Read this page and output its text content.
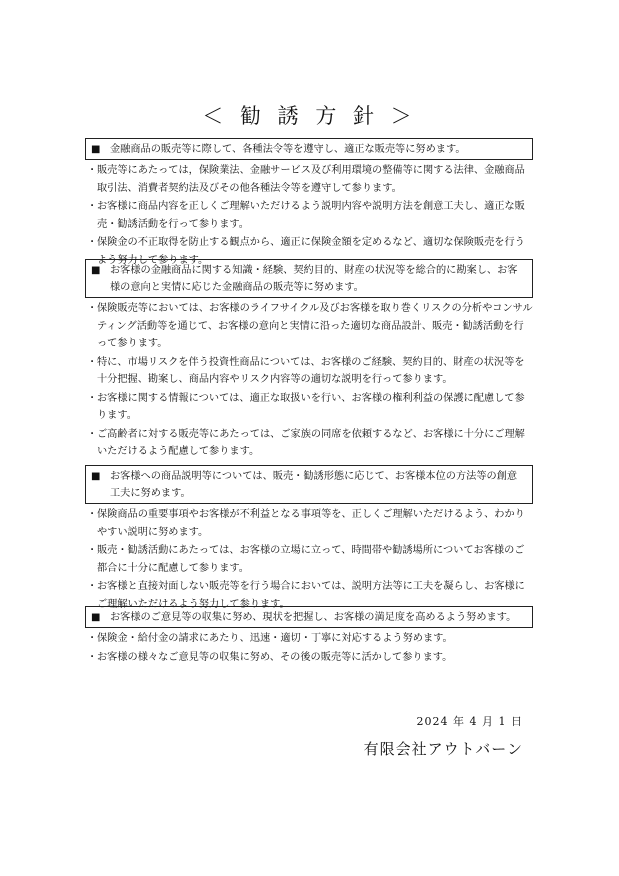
＜ 勧 誘 方 針 ＞
■ 金融商品の販売等に際して、各種法令等を遵守し、適正な販売等に努めます。
・ 販売等にあたっては，保険業法、金融サービス及び利用環境の整備等に関する法律、金融商品取引法、消費者契約法及びその他各種法令等を遵守して参ります。
・ お客様に商品内容を正しくご理解いただけるよう説明内容や説明方法を創意工夫し、適正な販売・勧誘活動を行って参ります。
・ 保険金の不正取得を防止する観点から、適正に保険金額を定めるなど、適切な保険販売を行うよう努力して参ります。
■ お客様の金融商品に関する知識・経験、契約目的、財産の状況等を総合的に勘案し、お客様の意向と実情に応じた金融商品の販売等に努めます。
・ 保険販売等においては、お客様のライフサイクル及びお客様を取り巻くリスクの分析やコンサルティング活動等を通じて、お客様の意向と実情に沿った適切な商品設計、販売・勧誘活動を行って参ります。
・ 特に、市場リスクを伴う投資性商品については、お客様のご経験、契約目的、財産の状況等を十分把握、勘案し、商品内容やリスク内容等の適切な説明を行って参ります。
・ お客様に関する情報については、適正な取扱いを行い、お客様の権利利益の保護に配慮して参ります。
・ ご高齢者に対する販売等にあたっては、ご家族の同席を依頼するなど、お客様に十分にご理解いただけるよう配慮して参ります。
■ お客様への商品説明等については、販売・勧誘形態に応じて、お客様本位の方法等の創意工夫に努めます。
・ 保険商品の重要事項やお客様が不利益となる事項等を、正しくご理解いただけるよう、わかりやすい説明に努めます。
・ 販売・勧誘活動にあたっては、お客様の立場に立って、時間帯や勧誘場所についてお客様のご都合に十分に配慮して参ります。
・ お客様と直接対面しない販売等を行う場合においては、説明方法等に工夫を凝らし、お客様にご理解いただけるよう努力して参ります。
■ お客様のご意見等の収集に努め、現状を把握し、お客様の満足度を高めるよう努めます。
・ 保険金・給付金の請求にあたり、迅速・適切・丁寧に対応するよう努めます。
・ お客様の様々なご意見等の収集に努め、その後の販売等に活かして参ります。
2024 年 4 月 1 日
有限会社アウトバーン
